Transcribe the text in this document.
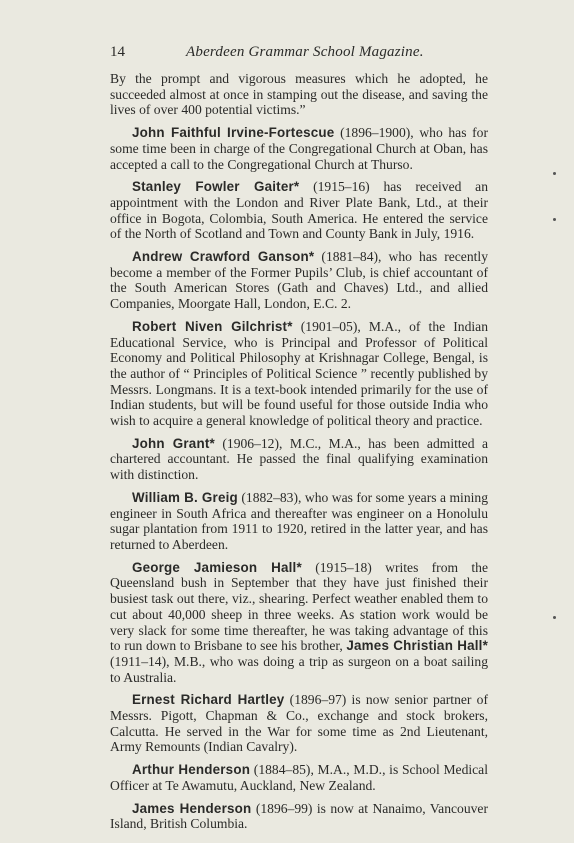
14	Aberdeen Grammar School Magazine.

By the prompt and vigorous measures which he adopted, he succeeded almost at once in stamping out the disease, and saving the lives of over 400 potential victims.”

John Faithful Irvine-Fortescue (1896–1900), who has for some time been in charge of the Congregational Church at Oban, has accepted a call to the Congregational Church at Thurso.

Stanley Fowler Gaiter* (1915–16) has received an appointment with the London and River Plate Bank, Ltd., at their office in Bogota, Colombia, South America. He entered the service of the North of Scotland and Town and County Bank in July, 1916.

Andrew Crawford Ganson* (1881–84), who has recently become a member of the Former Pupils’ Club, is chief accountant of the South American Stores (Gath and Chaves) Ltd., and allied Companies, Moorgate Hall, London, E.C. 2.

Robert Niven Gilchrist* (1901–05), M.A., of the Indian Educational Service, who is Principal and Professor of Political Economy and Political Philosophy at Krishnagar College, Bengal, is the author of “ Principles of Political Science ” recently published by Messrs. Longmans. It is a text-book intended primarily for the use of Indian students, but will be found useful for those outside India who wish to acquire a general knowledge of political theory and practice.

John Grant* (1906–12), M.C., M.A., has been admitted a chartered accountant. He passed the final qualifying examination with distinction.

William B. Greig (1882–83), who was for some years a mining engineer in South Africa and thereafter was engineer on a Honolulu sugar plantation from 1911 to 1920, retired in the latter year, and has returned to Aberdeen.

George Jamieson Hall* (1915–18) writes from the Queensland bush in September that they have just finished their busiest task out there, viz., shearing. Perfect weather enabled them to cut about 40,000 sheep in three weeks. As station work would be very slack for some time thereafter, he was taking advantage of this to run down to Brisbane to see his brother, James Christian Hall* (1911–14), M.B., who was doing a trip as surgeon on a boat sailing to Australia.

Ernest Richard Hartley (1896–97) is now senior partner of Messrs. Pigott, Chapman & Co., exchange and stock brokers, Calcutta. He served in the War for some time as 2nd Lieutenant, Army Remounts (Indian Cavalry).

Arthur Henderson (1884–85), M.A., M.D., is School Medical Officer at Te Awamutu, Auckland, New Zealand.

James Henderson (1896–99) is now at Nanaimo, Vancouver Island, British Columbia.
